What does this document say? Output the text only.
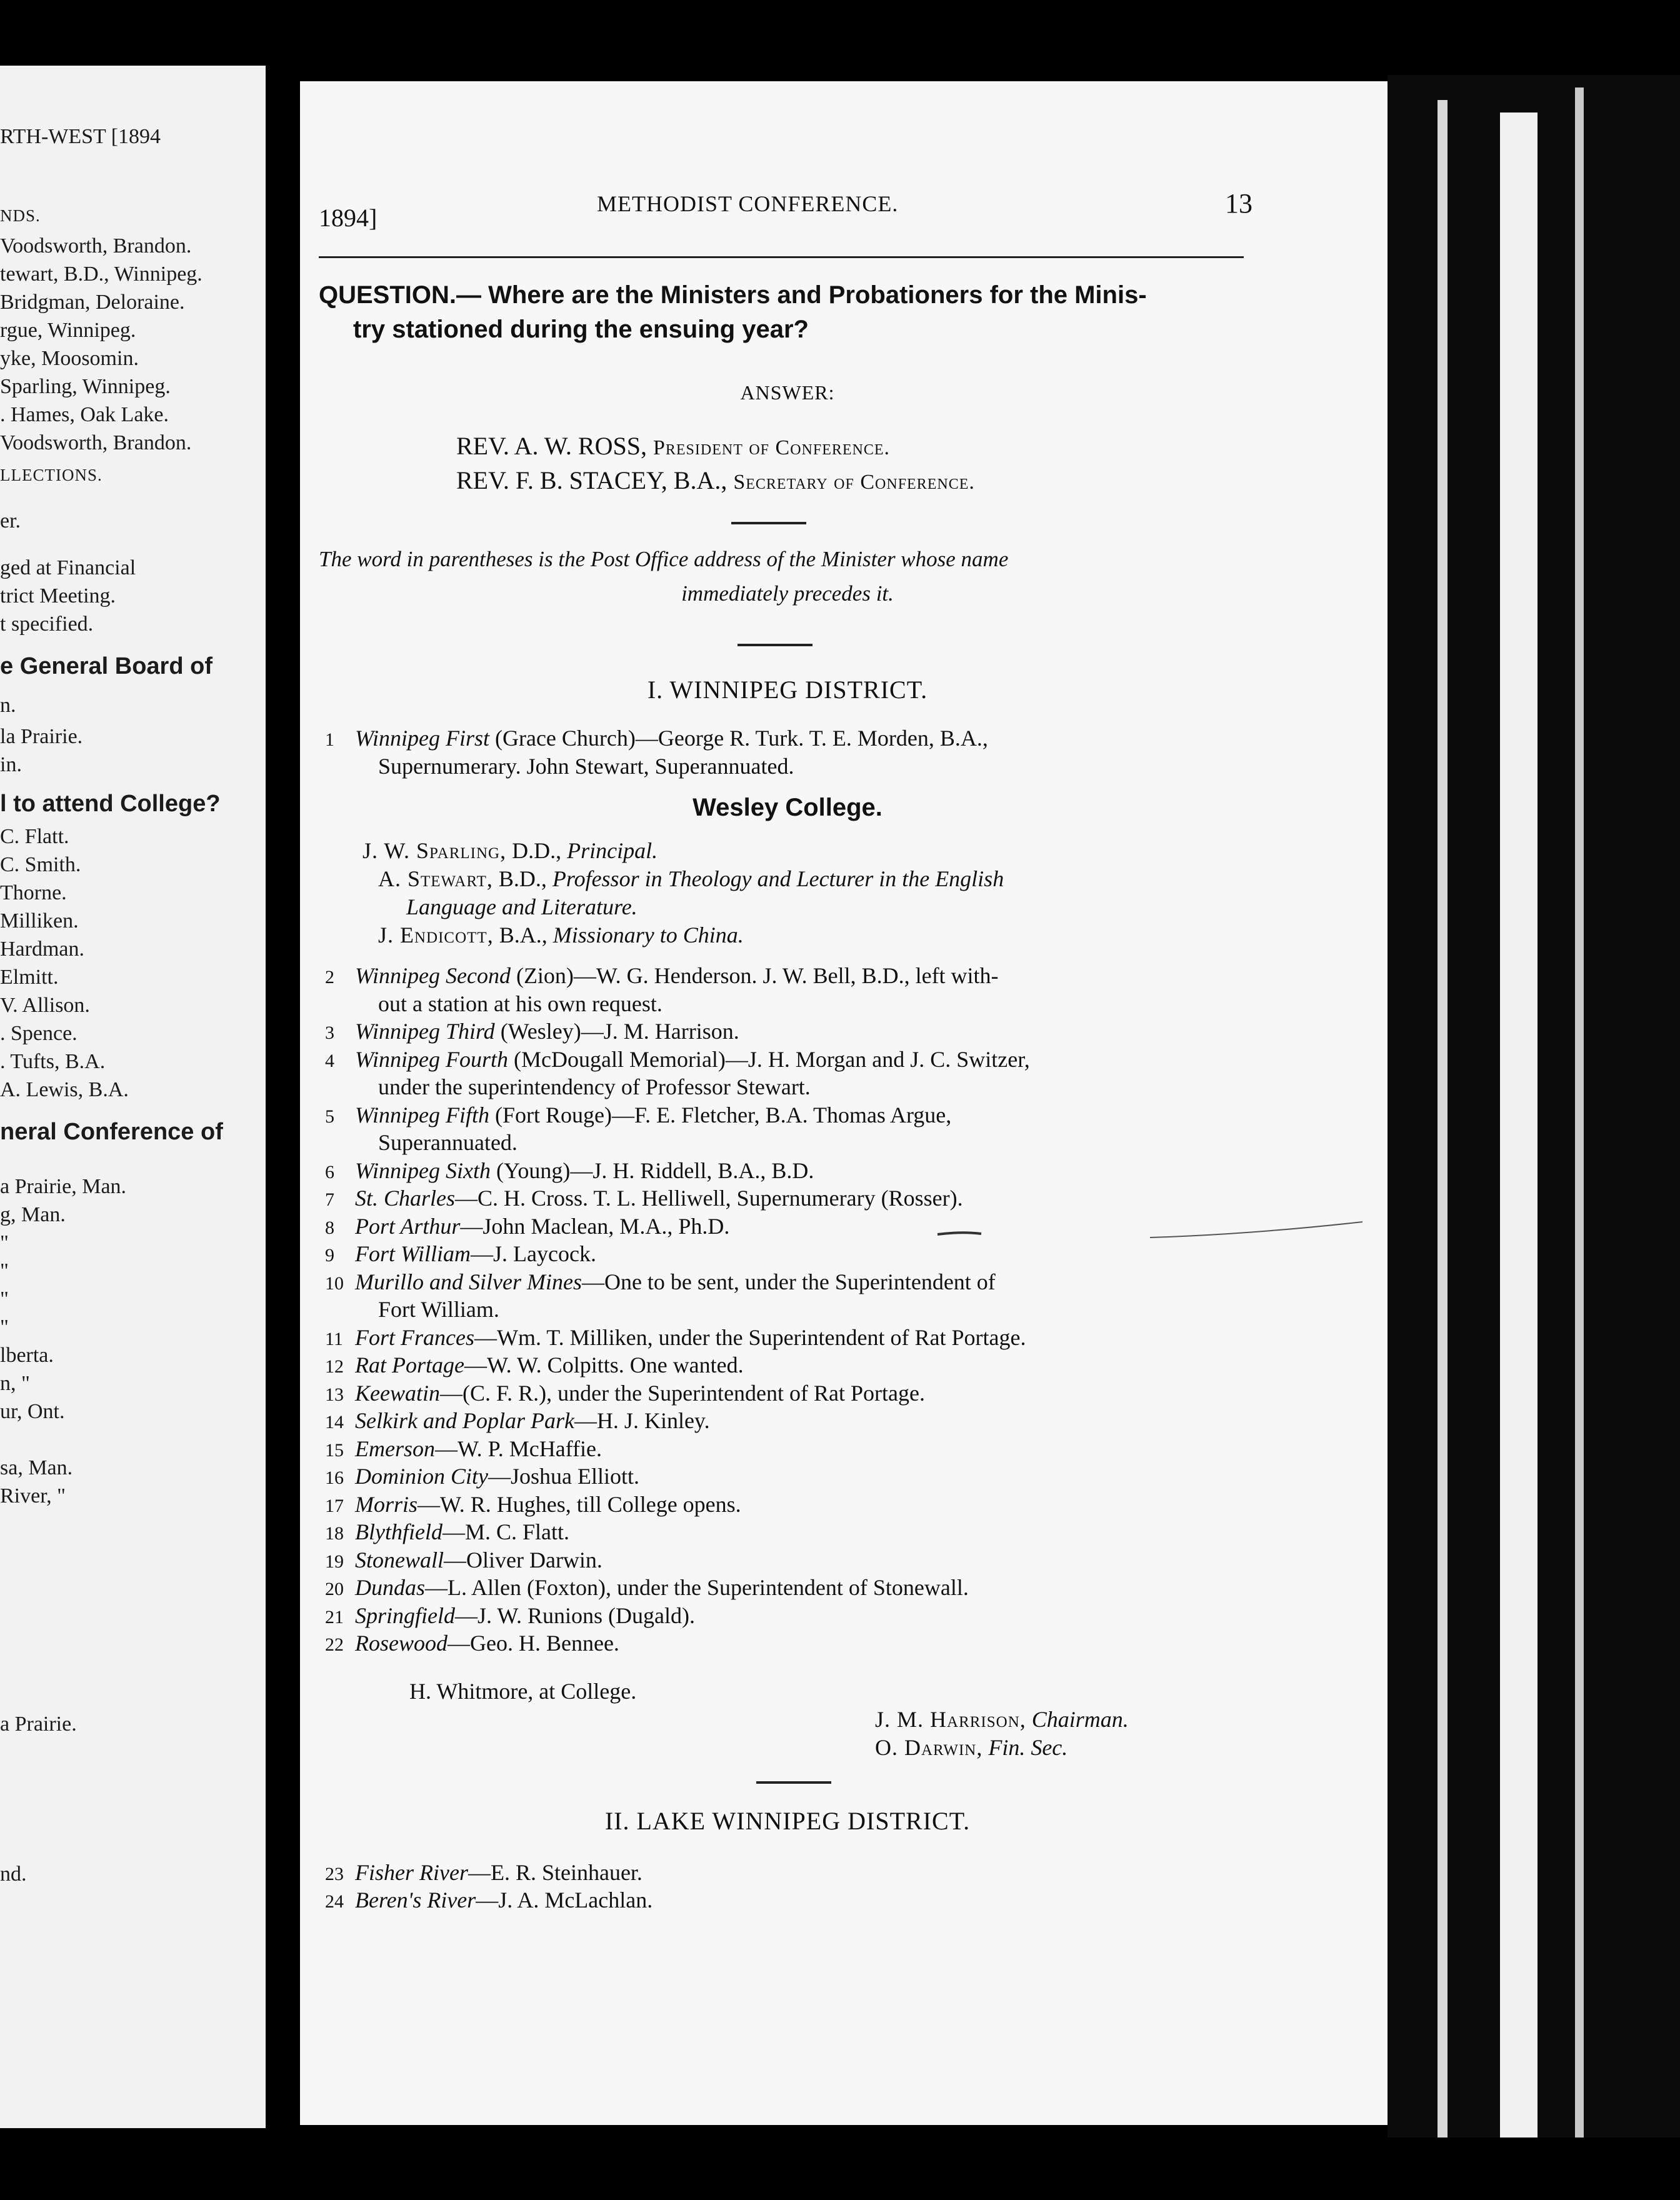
RTH-WEST [1894
NDS.
Voodsworth, Brandon.
tewart, B.D., Winnipeg.
Bridgman, Deloraine.
rgue, Winnipeg.
yke, Moosomin.
Sparling, Winnipeg.
. Hames, Oak Lake.
Voodsworth, Brandon.
LLECTIONS.
er.
ged at Financial
trict Meeting.
t specified.
e General Board of
n.
la Prairie.
in.
l to attend College?
C. Flatt.
C. Smith.
Thorne.
Milliken.
Hardman.
Elmitt.
V. Allison.
. Spence.
. Tufts, B.A.
A. Lewis, B.A.
neral Conference of
a Prairie, Man.
g, Man.
"
"
"
"
lberta.
n, "
ur, Ont.
sa, Man.
River, "
a Prairie.
nd.
1894]	METHODIST CONFERENCE.	13
QUESTION.— Where are the Ministers and Probationers for the Minis-
try stationed during the ensuing year?
ANSWER:
REV. A. W. ROSS, President of Conference.
REV. F. B. STACEY, B.A., Secretary of Conference.
The word in parentheses is the Post Office address of the Minister whose name
immediately precedes it.
I. WINNIPEG DISTRICT.
1 Winnipeg First (Grace Church)—George R. Turk. T. E. Morden, B.A.,
Supernumerary. John Stewart, Superannuated.
Wesley College.
J. W. Sparling, D.D., Principal.
A. Stewart, B.D., Professor in Theology and Lecturer in the English
Language and Literature.
J. Endicott, B.A., Missionary to China.
2 Winnipeg Second (Zion)—W. G. Henderson. J. W. Bell, B.D., left with-
out a station at his own request.
3 Winnipeg Third (Wesley)—J. M. Harrison.
4 Winnipeg Fourth (McDougall Memorial)—J. H. Morgan and J. C. Switzer,
under the superintendency of Professor Stewart.
5 Winnipeg Fifth (Fort Rouge)—F. E. Fletcher, B.A. Thomas Argue,
Superannuated.
6 Winnipeg Sixth (Young)—J. H. Riddell, B.A., B.D.
7 St. Charles—C. H. Cross. T. L. Helliwell, Supernumerary (Rosser).
8 Port Arthur—John Maclean, M.A., Ph.D.
9 Fort William—J. Laycock.
10 Murillo and Silver Mines—One to be sent, under the Superintendent of
Fort William.
11 Fort Frances—Wm. T. Milliken, under the Superintendent of Rat Portage.
12 Rat Portage—W. W. Colpitts. One wanted.
13 Keewatin—(C. F. R.), under the Superintendent of Rat Portage.
14 Selkirk and Poplar Park—H. J. Kinley.
15 Emerson—W. P. McHaffie.
16 Dominion City—Joshua Elliott.
17 Morris—W. R. Hughes, till College opens.
18 Blythfield—M. C. Flatt.
19 Stonewall—Oliver Darwin.
20 Dundas—L. Allen (Foxton), under the Superintendent of Stonewall.
21 Springfield—J. W. Runions (Dugald).
22 Rosewood—Geo. H. Bennee.
H. Whitmore, at College.
J. M. Harrison, Chairman.
O. Darwin, Fin. Sec.
II. LAKE WINNIPEG DISTRICT.
23 Fisher River—E. R. Steinhauer.
24 Beren's River—J. A. McLachlan.
